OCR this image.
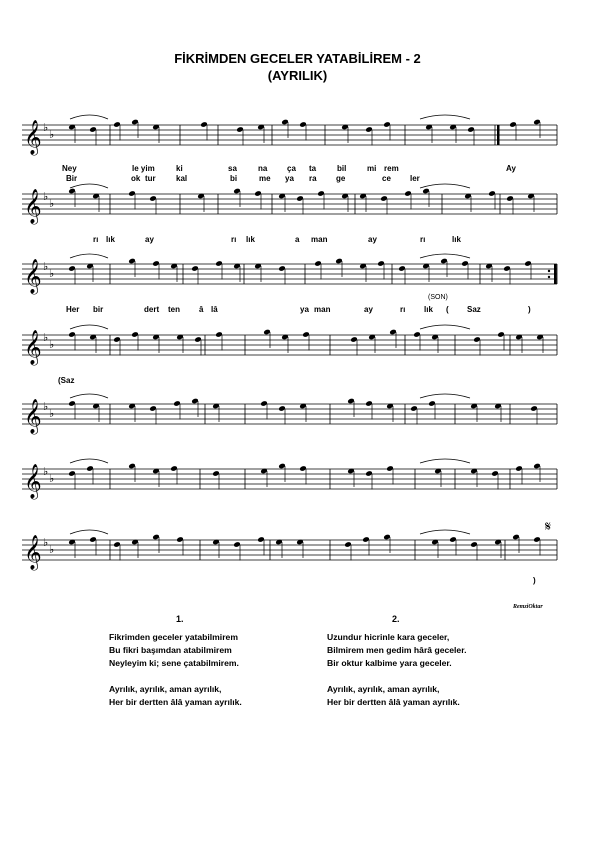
FİKRİMDEN GECELER YATABİLİREM - 2
(AYRILIK)
𝄞 ♭
♭
𝄞 ♭
♭
𝄞 ♭
♭
𝄞 ♭
♭
𝄞 ♭
♭
𝄞 ♭
♭
𝄞 ♭
♭
𝄋
Ney	le yim	ki	sa	na ça ta	bil	mi rem	Ay
Bir	ok tur	kal	bi	me ya ra ge	ce ler
rı lık	ay	rı lık	a man	ay	rı	lık
Her bir	dert ten â lâ	ya man	ay	rı lık ( Saz	)
(SON)
(Saz
)
RemziOktar
1.	2.
Fikrimden geceler yatabilmirem
Bu fikri başımdan atabilmirem
Neyleyim ki; sene çatabilmirem.
Ayrılık, ayrılık, aman ayrılık,
Her bir dertten âlâ yaman ayrılık.
Uzundur hicrinle kara geceler,
Bilmirem men gedim hârâ geceler.
Bir oktur kalbime yara geceler.
Ayrılık, ayrılık, aman ayrılık,
Her bir dertten âlâ yaman ayrılık.
